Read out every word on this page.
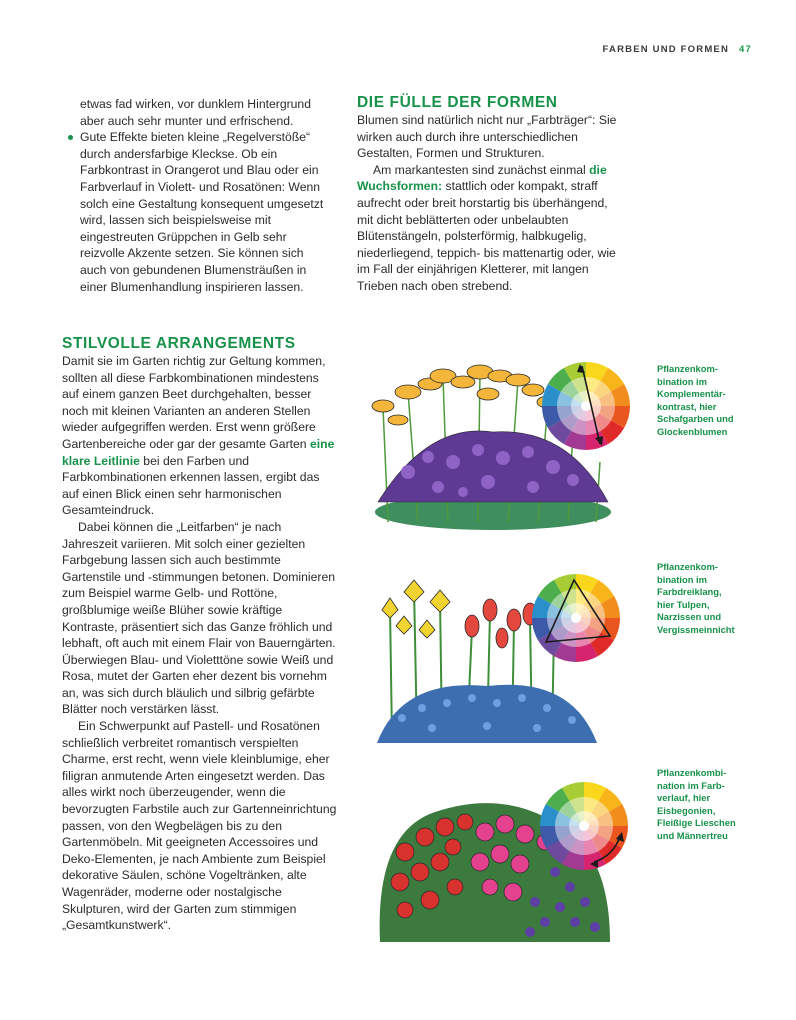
FARBEN UND FORMEN 47

etwas fad wirken, vor dunklem Hintergrund

aber auch sehr munter und erfrischend.

Gute Effekte bieten kleine „Regelverstöße“ durch andersfarbige Kleckse. Ob ein Farbkontrast in Orangerot und Blau oder ein Farbverlauf in Violett- und Rosatönen: Wenn solch eine Gestaltung konsequent umgesetzt wird, lassen sich beispielsweise mit eingestreuten Grüppchen in Gelb sehr reizvolle Akzente setzen. Sie können sich auch von gebundenen Blumensträußen in einer Blumenhandlung inspirieren lassen.

DIE FÜLLE DER FORMEN

Blumen sind natürlich nicht nur „Farbträger“: Sie wirken auch durch ihre unterschiedlichen Gestalten, Formen und Strukturen.

Am markantesten sind zunächst einmal die Wuchsformen: stattlich oder kompakt, straff aufrecht oder breit horstartig bis überhängend, mit dicht beblätterten oder unbelaubten Blütenstängeln, polsterförmig, halbkugelig, niederliegend, teppich- bis mattenartig oder, wie im Fall der einjährigen Kletterer, mit langen Trieben nach oben strebend.

STILVOLLE ARRANGEMENTS

Damit sie im Garten richtig zur Geltung kommen, sollten all diese Farbkombinationen mindestens auf einem ganzen Beet durchgehalten, besser noch mit kleinen Varianten an anderen Stellen wieder aufgegriffen werden. Erst wenn größere Gartenbereiche oder gar der gesamte Garten eine klare Leitlinie bei den Farben und Farbkombinationen erkennen lassen, ergibt das auf einen Blick einen sehr harmonischen Gesamteindruck.

Dabei können die „Leitfarben“ je nach Jahreszeit variieren. Mit solch einer gezielten Farbgebung lassen sich auch bestimmte Gartenstile und -stimmungen betonen. Dominieren zum Beispiel warme Gelb- und Rottöne, großblumige weiße Blüher sowie kräftige Kontraste, präsentiert sich das Ganze fröhlich und lebhaft, oft auch mit einem Flair von Bauerngärten. Überwiegen Blau- und Violetttöne sowie Weiß und Rosa, mutet der Garten eher dezent bis vornehm an, was sich durch bläulich und silbrig gefärbte Blätter noch verstärken lässt.

Ein Schwerpunkt auf Pastell- und Rosatönen schließlich verbreitet romantisch verspielten Charme, erst recht, wenn viele kleinblumige, eher filigran anmutende Arten eingesetzt werden. Das alles wirkt noch überzeugender, wenn die bevorzugten Farbstile auch zur Gartenneinrichtung passen, von den Wegbelägen bis zu den Gartenmöbeln. Mit geeigneten Accessoires und Deko-Elementen, je nach Ambiente zum Beispiel dekorative Säulen, schöne Vogeltränken, alte Wagenräder, moderne oder nostalgische Skulpturen, wird der Garten zum stimmigen „Gesamtkunstwerk“.

Pflanzenkom-
bination im
Komplementär-
kontrast, hier
Schafgarben und
Glockenblumen
Pflanzenkom-
bination im
Farbdreiklang,
hier Tulpen,
Narzissen und
Vergissmeinnicht
Pflanzenkombi-
nation im Farb-
verlauf, hier
Eisbegonien,
Fleißige Lieschen
und Männertreu
